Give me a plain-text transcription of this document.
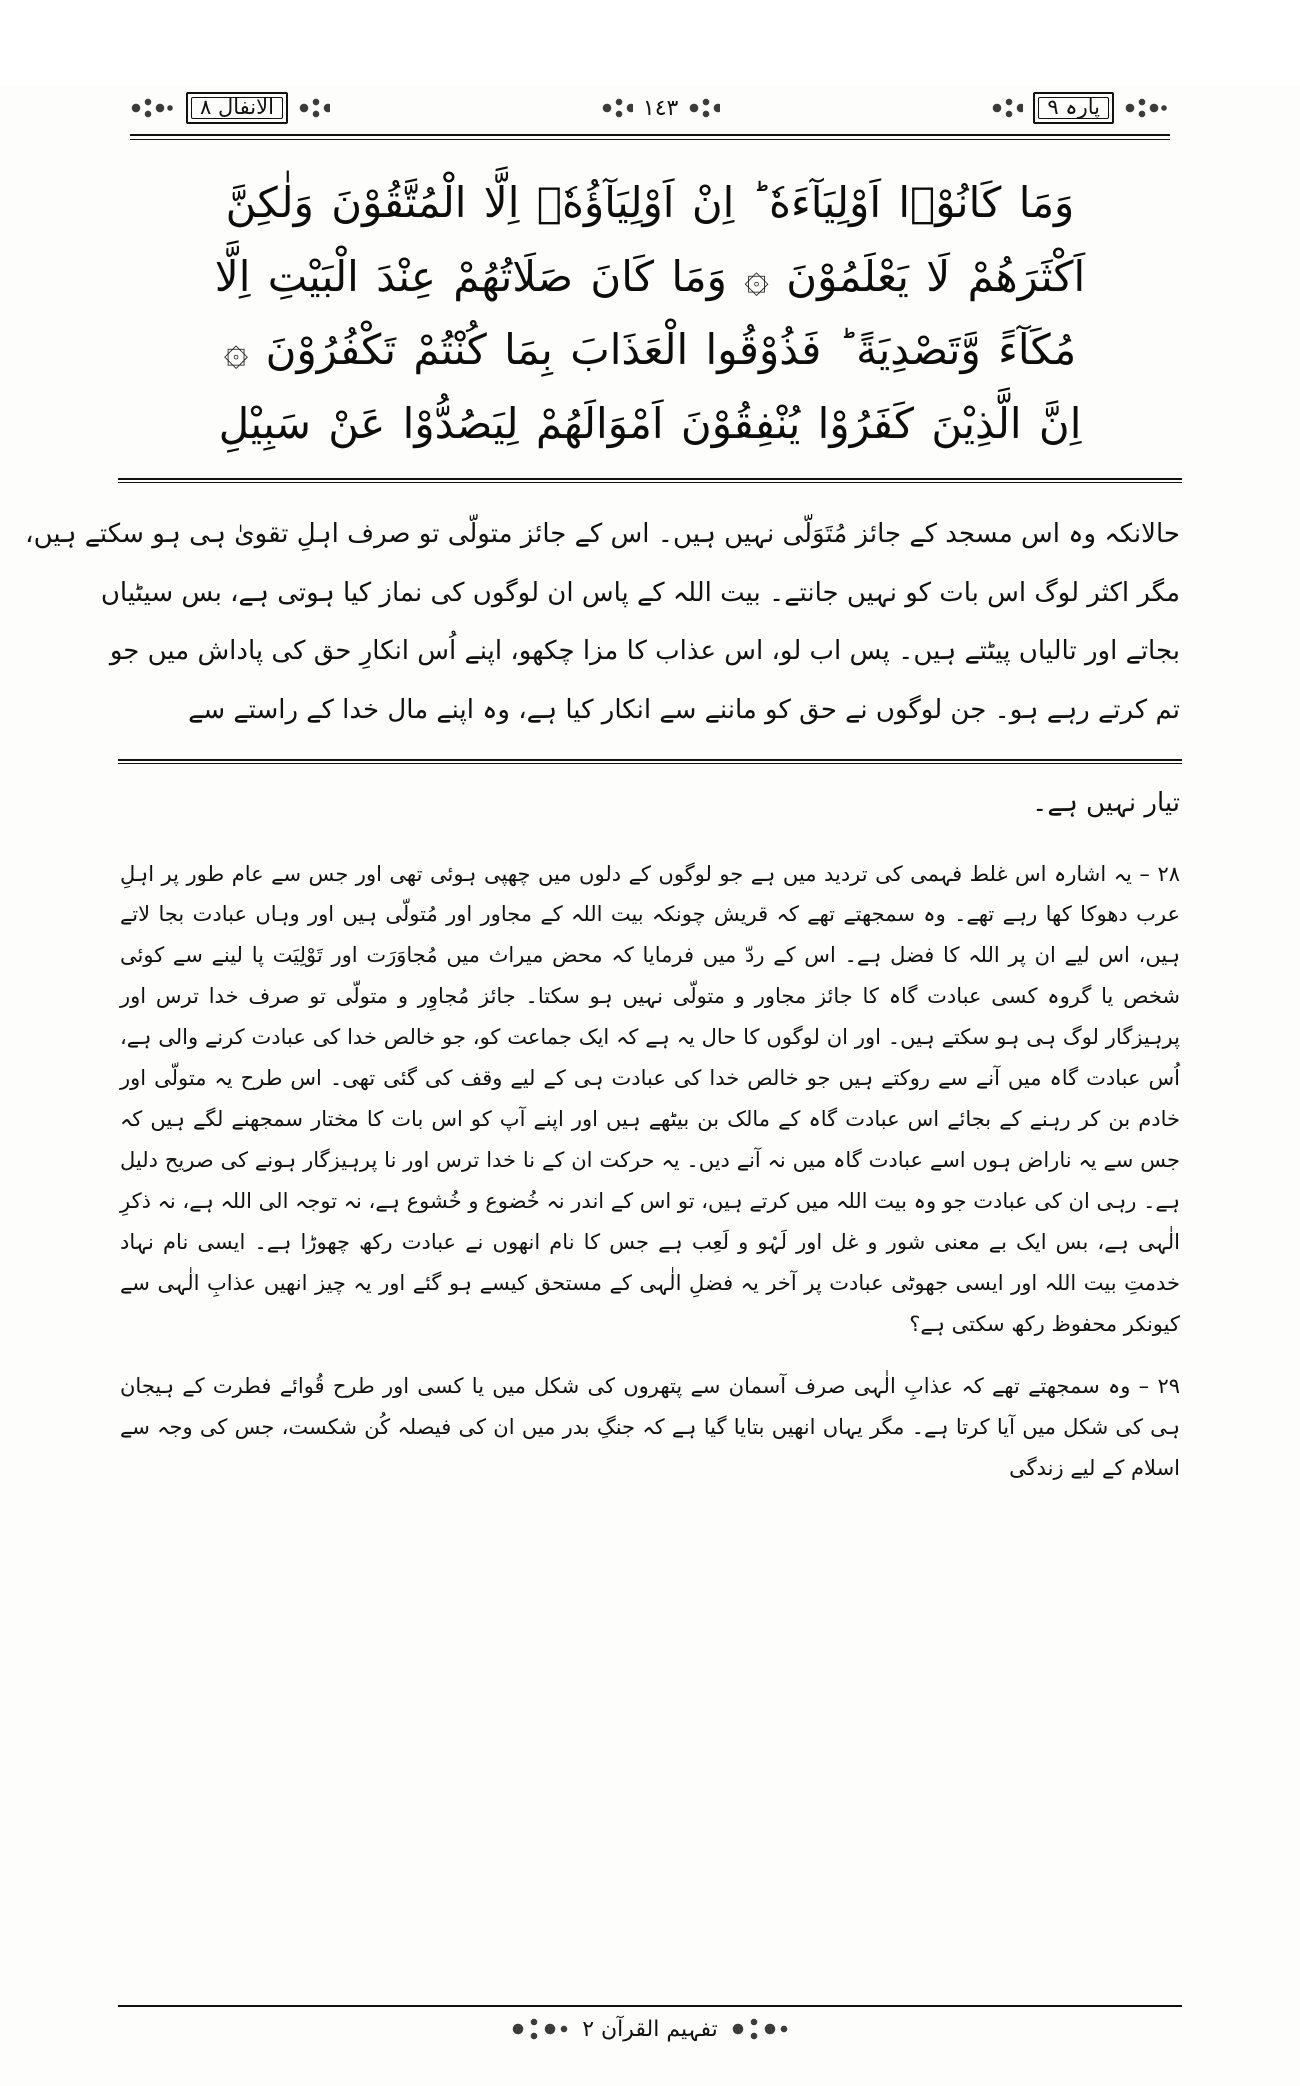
پارہ ٩
١٤٣
الانفال ٨
وَمَا كَانُوْۤا اَوْلِيَآءَهٗ ؕ اِنْ اَوْلِيَآؤُهٗۤ اِلَّا الْمُتَّقُوْنَ وَلٰكِنَّ
اَكْثَرَهُمْ لَا يَعْلَمُوْنَ ۞ وَمَا كَانَ صَلَاتُهُمْ عِنْدَ الْبَيْتِ اِلَّا
مُكَآءً وَّتَصْدِيَةً ؕ فَذُوْقُوا الْعَذَابَ بِمَا كُنْتُمْ تَكْفُرُوْنَ ۞
اِنَّ الَّذِيْنَ كَفَرُوْا يُنْفِقُوْنَ اَمْوَالَهُمْ لِيَصُدُّوْا عَنْ سَبِيْلِ
حالانکہ وہ اس مسجد کے جائز مُتَوَلّی نہیں ہیں۔ اس کے جائز متولّی تو صرف اہلِ تقویٰ ہی ہو سکتے ہیں،
مگر اکثر لوگ اس بات کو نہیں جانتے۔ بیت اللہ کے پاس ان لوگوں کی نماز کیا ہوتی ہے، بس سیٹیاں
بجاتے اور تالیاں پیٹتے ہیں۔ پس اب لو، اس عذاب کا مزا چکھو، اپنے اُس انکارِ حق کی پاداش میں جو
تم کرتے رہے ہو۔ جن لوگوں نے حق کو ماننے سے انکار کیا ہے، وہ اپنے مال خدا کے راستے سے
تیار نہیں ہے۔

٢٨ – یہ اشارہ اس غلط فہمی کی تردید میں ہے جو لوگوں کے دلوں میں چھپی ہوئی تھی اور جس سے عام طور پر اہلِ عرب دھوکا کھا رہے تھے۔ وہ سمجھتے تھے کہ قریش چونکہ بیت اللہ کے مجاور اور مُتولّی ہیں اور وہاں عبادت بجا لاتے ہیں، اس لیے ان پر اللہ کا فضل ہے۔ اس کے ردّ میں فرمایا کہ محض میراث میں مُجاوَرَت اور تَوْلِیَت پا لینے سے کوئی شخص یا گروہ کسی عبادت گاہ کا جائز مجاور و متولّی نہیں ہو سکتا۔ جائز مُجاوِر و متولّی تو صرف خدا ترس اور پرہیزگار لوگ ہی ہو سکتے ہیں۔ اور ان لوگوں کا حال یہ ہے کہ ایک جماعت کو، جو خالص خدا کی عبادت کرنے والی ہے، اُس عبادت گاہ میں آنے سے روکتے ہیں جو خالص خدا کی عبادت ہی کے لیے وقف کی گئی تھی۔ اس طرح یہ متولّی اور خادم بن کر رہنے کے بجائے اس عبادت گاہ کے مالک بن بیٹھے ہیں اور اپنے آپ کو اس بات کا مختار سمجھنے لگے ہیں کہ جس سے یہ ناراض ہوں اسے عبادت گاہ میں نہ آنے دیں۔ یہ حرکت ان کے نا خدا ترس اور نا پرہیزگار ہونے کی صریح دلیل ہے۔ رہی ان کی عبادت جو وہ بیت اللہ میں کرتے ہیں، تو اس کے اندر نہ خُضوع و خُشوع ہے، نہ توجہ الی اللہ ہے، نہ ذکرِ الٰہی ہے، بس ایک بے معنی شور و غل اور لَہْو و لَعِب ہے جس کا نام انھوں نے عبادت رکھ چھوڑا ہے۔ ایسی نام نہاد خدمتِ بیت اللہ اور ایسی جھوٹی عبادت پر آخر یہ فضلِ الٰہی کے مستحق کیسے ہو گئے اور یہ چیز انھیں عذابِ الٰہی سے کیونکر محفوظ رکھ سکتی ہے؟

٢٩ – وہ سمجھتے تھے کہ عذابِ الٰہی صرف آسمان سے پتھروں کی شکل میں یا کسی اور طرح قُوائے فطرت کے ہیجان ہی کی شکل میں آیا کرتا ہے۔ مگر یہاں انھیں بتایا گیا ہے کہ جنگِ بدر میں ان کی فیصلہ کُن شکست، جس کی وجہ سے اسلام کے لیے زندگی

تفہیم القرآن ٢
